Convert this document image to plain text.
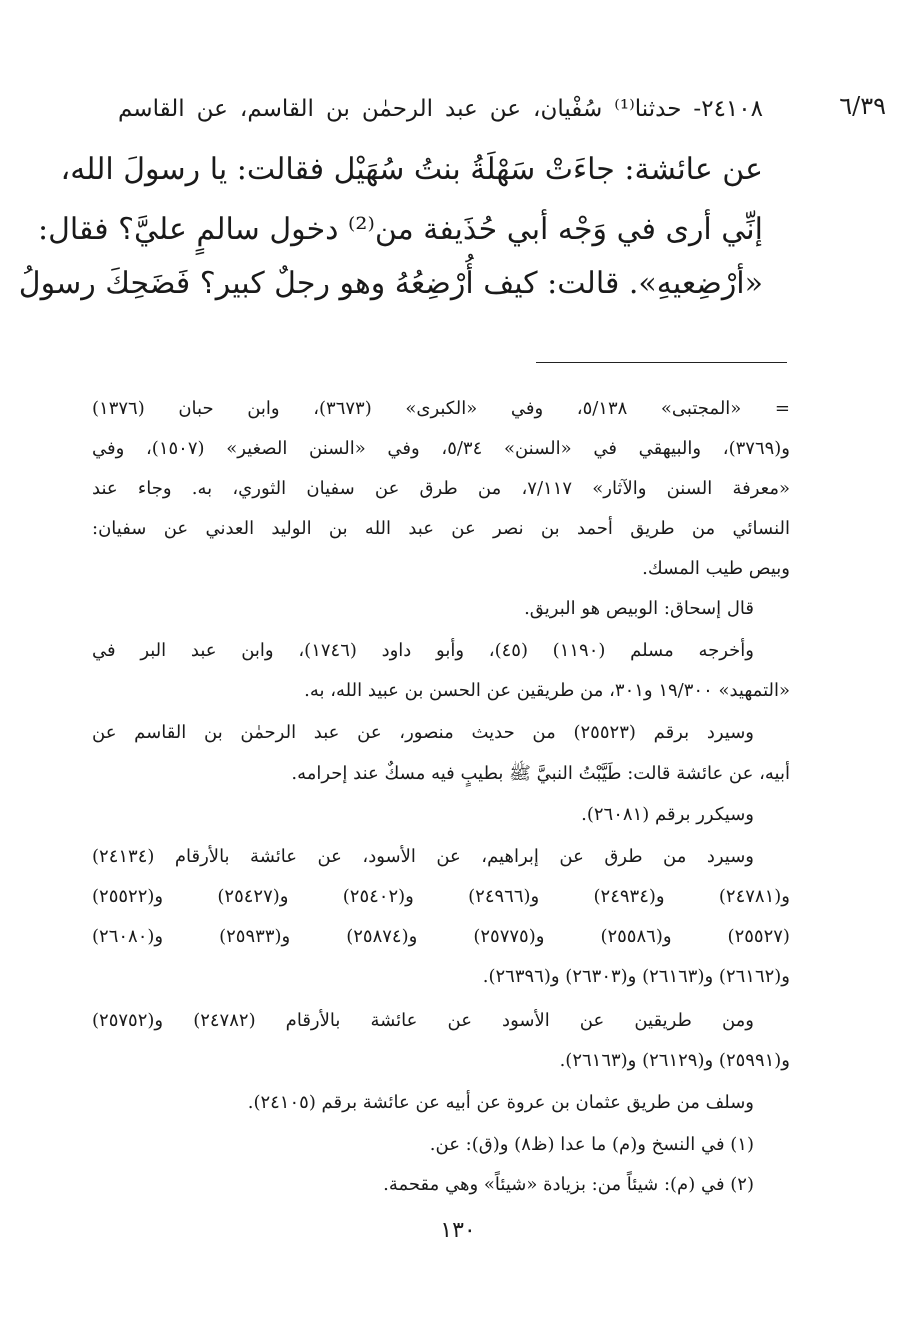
٦/٣٩
٢٤١٠٨- حدثنا⁽¹⁾ سُفْيان، عن عبد الرحمٰن بن القاسم، عن القاسم
عن عائشة: جاءَتْ سَهْلَةُ بنتُ سُهَيْل فقالت: يا رسولَ الله،
إنِّي أرى في وَجْه أبي حُذَيفة من⁽²⁾ دخول سالمٍ عليَّ؟ فقال:
«أرْضِعيهِ». قالت: كيف أُرْضِعُهُ وهو رجلٌ كبير؟ فَضَحِكَ رسولُ
= «المجتبى» ٥/١٣٨، وفي «الكبرى» (٣٦٧٣)، وابن حبان (١٣٧٦)
و(٣٧٦٩)، والبيهقي في «السنن» ٥/٣٤، وفي «السنن الصغير» (١٥٠٧)، وفي
«معرفة السنن والآثار» ٧/١١٧، من طرق عن سفيان الثوري، به. وجاء عند
النسائي من طريق أحمد بن نصر عن عبد الله بن الوليد العدني عن سفيان:
وبيص طيب المسك.
قال إسحاق: الوبيص هو البريق.
وأخرجه مسلم (١١٩٠) (٤٥)، وأبو داود (١٧٤٦)، وابن عبد البر في
«التمهيد» ١٩/٣٠٠ و٣٠١، من طريقين عن الحسن بن عبيد الله، به.
وسيرد برقم (٢٥٥٢٣) من حديث منصور، عن عبد الرحمٰن بن القاسم عن
أبيه، عن عائشة قالت: طَيَّبْتُ النبيَّ ﷺ بطيبٍ فيه مسكٌ عند إحرامه.
وسيكرر برقم (٢٦٠٨١).
وسيرد من طرق عن إبراهيم، عن الأسود، عن عائشة بالأرقام (٢٤١٣٤)
و(٢٤٧٨١) و(٢٤٩٣٤) و(٢٤٩٦٦) و(٢٥٤٠٢) و(٢٥٤٢٧) و(٢٥٥٢٢)
(٢٥٥٢٧) و(٢٥٥٨٦) و(٢٥٧٧٥) و(٢٥٨٧٤) و(٢٥٩٣٣) و(٢٦٠٨٠)
و(٢٦١٦٢) و(٢٦١٦٣) و(٢٦٣٠٣) و(٢٦٣٩٦).
ومن طريقين عن الأسود عن عائشة بالأرقام (٢٤٧٨٢) و(٢٥٧٥٢)
و(٢٥٩٩١) و(٢٦١٢٩) و(٢٦١٦٣).
وسلف من طريق عثمان بن عروة عن أبيه عن عائشة برقم (٢٤١٠٥).
(١) في النسخ و(م) ما عدا (ظ٨) و(ق): عن.
(٢) في (م): شيئاً من: بزيادة «شيئاً» وهي مقحمة.
١٣٠
